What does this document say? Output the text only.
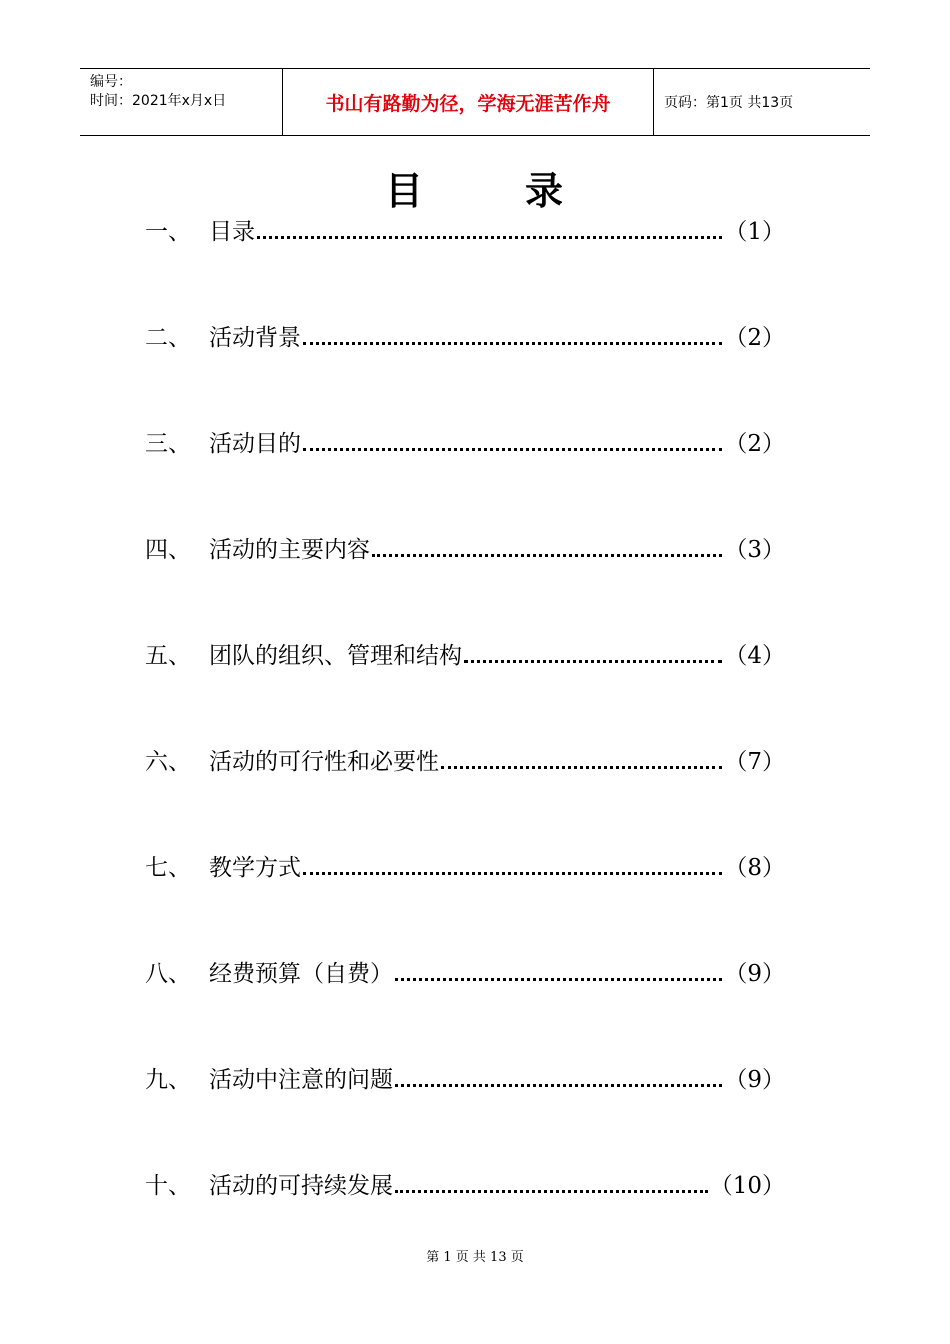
编号：
时间：2021年x月x日	书山有路勤为径，学海无涯苦作舟	页码：第1页 共13页
目	录
一、 目录	（1）
二、 活动背景	（2）
三、 活动目的	（2）
四、 活动的主要内容	（3）
五、 团队的组织、管理和结构	（4）
六、 活动的可行性和必要性	（7）
七、 教学方式	（8）
八、 经费预算（自费）	（9）
九、 活动中注意的问题	（9）
十、 活动的可持续发展	（10）
第 1 页 共 13 页
